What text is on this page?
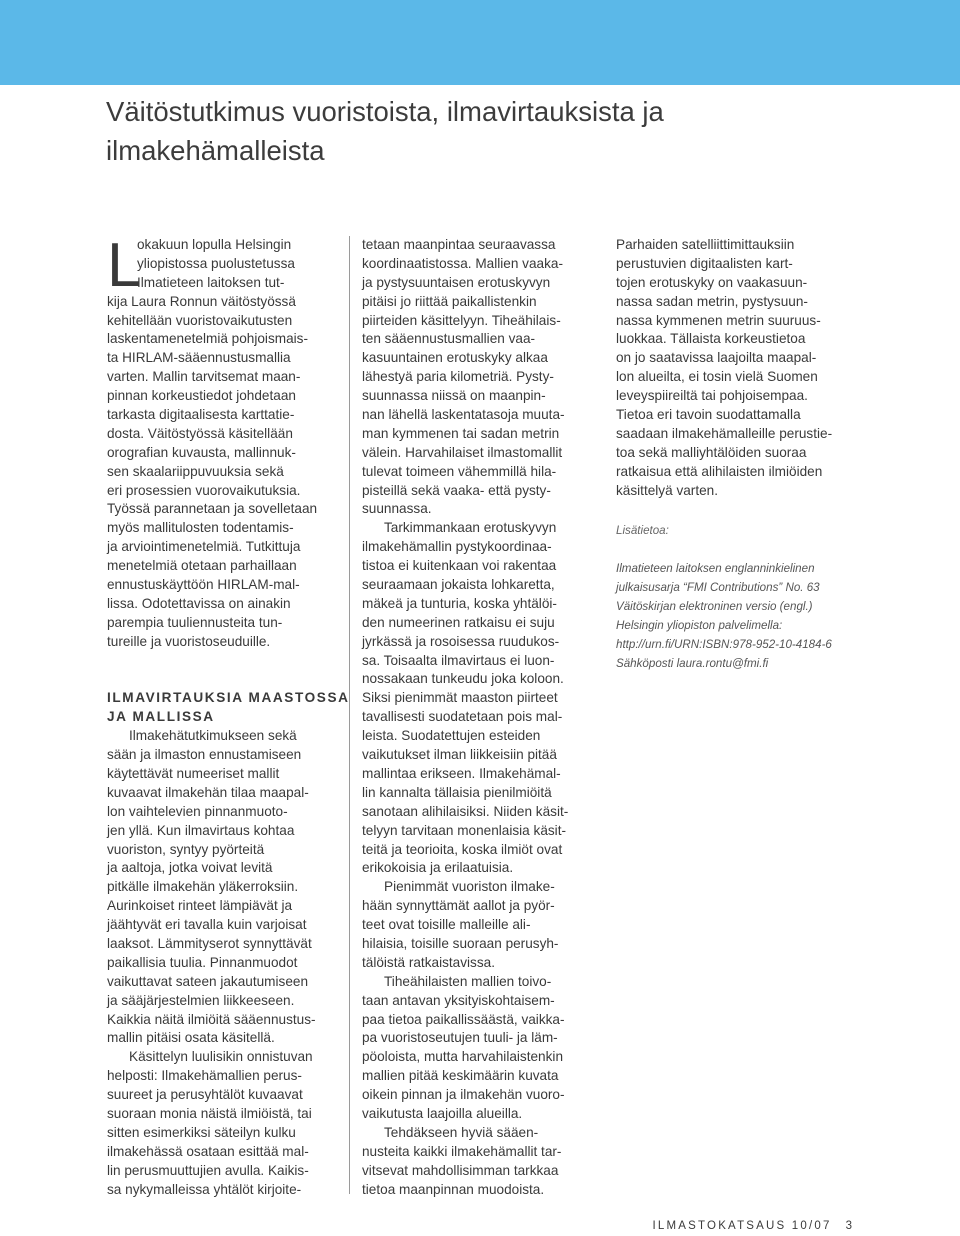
Väitöstutkimus vuoristoista, ilmavirtauksista ja
ilmakehämalleista
L
okakuun lopulla Helsingin
yliopistossa puolustetussa
Ilmatieteen laitoksen tut-
kija Laura Ronnun väitöstyössä
kehitellään vuoristovaikutusten
laskentamenetelmiä pohjoismais-
ta HIRLAM-sääennustusmallia
varten. Mallin tarvitsemat maan-
pinnan korkeustiedot johdetaan
tarkasta digitaalisesta karttatie-
dosta. Väitöstyössä käsitellään
orografian kuvausta, mallinnuk-
sen skaalariippuvuuksia sekä
eri prosessien vuorovaikutuksia.
Työssä parannetaan ja sovelletaan
myös mallitulosten todentamis-
ja arviointimenetelmiä. Tutkittuja
menetelmiä otetaan parhaillaan
ennustuskäyttöön HIRLAM-mal-
lissa. Odotettavissa on ainakin
parempia tuuliennusteita tun-
tureille ja vuoristoseuduille.
ILMAVIRTAUKSIA MAASTOSSA
JA MALLISSA
Ilmakehätutkimukseen sekä
sään ja ilmaston ennustamiseen
käytettävät numeeriset mallit
kuvaavat ilmakehän tilaa maapal-
lon vaihtelevien pinnanmuoto-
jen yllä. Kun ilmavirtaus kohtaa
vuoriston, syntyy pyörteitä
ja aaltoja, jotka voivat levitä
pitkälle ilmakehän yläkerroksiin.
Aurinkoiset rinteet lämpiävät ja
jäähtyvät eri tavalla kuin varjoisat
laaksot. Lämmityserot synnyttävät
paikallisia tuulia. Pinnanmuodot
vaikuttavat sateen jakautumiseen
ja sääjärjestelmien liikkeeseen.
Kaikkia näitä ilmiöitä sääennustus-
mallin pitäisi osata käsitellä.
Käsittelyn luulisikin onnistuvan
helposti: Ilmakehämallien perus-
suureet ja perusyhtälöt kuvaavat
suoraan monia näistä ilmiöistä, tai
sitten esimerkiksi säteilyn kulku
ilmakehässä osataan esittää mal-
lin perusmuuttujien avulla. Kaikis-
sa nykymalleissa yhtälöt kirjoite-
tetaan maanpintaa seuraavassa
koordinaatistossa. Mallien vaaka-
ja pystysuuntaisen erotuskyvyn
pitäisi jo riittää paikallistenkin
piirteiden käsittelyyn. Tiheähilais-
ten sääennustusmallien vaa-
kasuuntainen erotuskyky alkaa
lähestyä paria kilometriä. Pysty-
suunnassa niissä on maanpin-
nan lähellä laskentatasoja muuta-
man kymmenen tai sadan metrin
välein. Harvahilaiset ilmastomallit
tulevat toimeen vähemmillä hila-
pisteillä sekä vaaka- että pysty-
suunnassa.
Tarkimmankaan erotuskyvyn
ilmakehämallin pystykoordinaa-
tistoa ei kuitenkaan voi rakentaa
seuraamaan jokaista lohkaretta,
mäkeä ja tunturia, koska yhtälöi-
den numeerinen ratkaisu ei suju
jyrkässä ja rosoisessa ruudukos-
sa. Toisaalta ilmavirtaus ei luon-
nossakaan tunkeudu joka koloon.
Siksi pienimmät maaston piirteet
tavallisesti suodatetaan pois mal-
leista. Suodatettujen esteiden
vaikutukset ilman liikkeisiin pitää
mallintaa erikseen. Ilmakehämal-
lin kannalta tällaisia pienilmiöitä
sanotaan alihilaisiksi. Niiden käsit-
telyyn tarvitaan monenlaisia käsit-
teitä ja teorioita, koska ilmiöt ovat
erikokoisia ja erilaatuisia.
Pienimmät vuoriston ilmake-
hään synnyttämät aallot ja pyör-
teet ovat toisille malleille ali-
hilaisia, toisille suoraan perusyh-
tälöistä ratkaistavissa.
Tiheähilaisten mallien toivo-
taan antavan yksityiskohtaisem-
paa tietoa paikallissäästä, vaikka-
pa vuoristoseutujen tuuli- ja läm-
pöoloista, mutta harvahilaistenkin
mallien pitää keskimäärin kuvata
oikein pinnan ja ilmakehän vuoro-
vaikutusta laajoilla alueilla.
Tehdäkseen hyviä sääen-
nusteita kaikki ilmakehämallit tar-
vitsevat mahdollisimman tarkkaa
tietoa maanpinnan muodoista.
Parhaiden satelliittimittauksiin
perustuvien digitaalisten kart-
tojen erotuskyky on vaakasuun-
nassa sadan metrin, pystysuun-
nassa kymmenen metrin suuruus-
luokkaa. Tällaista korkeustietoa
on jo saatavissa laajoilta maapal-
lon alueilta, ei tosin vielä Suomen
leveyspiireiltä tai pohjoisempaa.
Tietoa eri tavoin suodattamalla
saadaan ilmakehämalleille perustie-
toa sekä malliyhtälöiden suoraa
ratkaisua että alihilaisten ilmiöiden
käsittelyä varten.
Lisätietoa:
Ilmatieteen laitoksen englanninkielinen
julkaisusarja “FMI Contributions” No. 63
Väitöskirjan elektroninen versio (engl.)
Helsingin yliopiston palvelimella:
http://urn.fi/URN:ISBN:978-952-10-4184-6
Sähköposti laura.rontu@fmi.fi
ILMASTOKATSAUS 10/07 3
